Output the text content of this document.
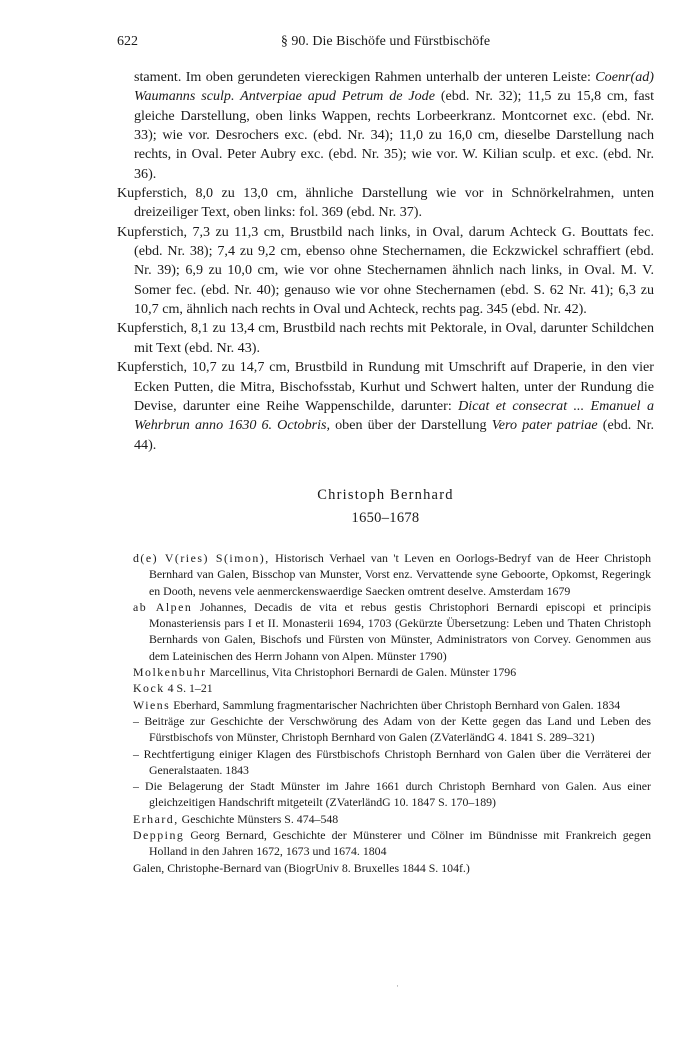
622	§ 90. Die Bischöfe und Fürstbischöfe

stament. Im oben gerundeten viereckigen Rahmen unterhalb der unteren Leiste: Coenr(ad) Waumanns sculp. Antverpiae apud Petrum de Jode (ebd. Nr. 32); 11,5 zu 15,8 cm, fast gleiche Darstellung, oben links Wappen, rechts Lorbeerkranz. Montcornet exc. (ebd. Nr. 33); wie vor. Desrochers exc. (ebd. Nr. 34); 11,0 zu 16,0 cm, dieselbe Darstellung nach rechts, in Oval. Peter Aubry exc. (ebd. Nr. 35); wie vor. W. Kilian sculp. et exc. (ebd. Nr. 36).

Kupferstich, 8,0 zu 13,0 cm, ähnliche Darstellung wie vor in Schnörkelrahmen, unten dreizeiliger Text, oben links: fol. 369 (ebd. Nr. 37).

Kupferstich, 7,3 zu 11,3 cm, Brustbild nach links, in Oval, darum Achteck G. Bouttats fec. (ebd. Nr. 38); 7,4 zu 9,2 cm, ebenso ohne Stechernamen, die Eckzwickel schraffiert (ebd. Nr. 39); 6,9 zu 10,0 cm, wie vor ohne Stechernamen ähnlich nach links, in Oval. M. V. Somer fec. (ebd. Nr. 40); genauso wie vor ohne Stechernamen (ebd. S. 62 Nr. 41); 6,3 zu 10,7 cm, ähnlich nach rechts in Oval und Achteck, rechts pag. 345 (ebd. Nr. 42).

Kupferstich, 8,1 zu 13,4 cm, Brustbild nach rechts mit Pektorale, in Oval, darunter Schildchen mit Text (ebd. Nr. 43).

Kupferstich, 10,7 zu 14,7 cm, Brustbild in Rundung mit Umschrift auf Draperie, in den vier Ecken Putten, die Mitra, Bischofsstab, Kurhut und Schwert halten, unter der Rundung die Devise, darunter eine Reihe Wappenschilde, darunter: Dicat et consecrat ... Emanuel a Wehrbrun anno 1630 6. Octobris, oben über der Darstellung Vero pater patriae (ebd. Nr. 44).

Christoph Bernhard
1650–1678

d(e) V(ries) S(imon), Historisch Verhael van 't Leven en Oorlogs-Bedryf van de Heer Christoph Bernhard van Galen, Bisschop van Munster, Vorst enz. Vervattende syne Geboorte, Opkomst, Regeringk en Dooth, nevens vele aenmerckenswaerdige Saecken omtrent deselve. Amsterdam 1679

ab Alpen Johannes, Decadis de vita et rebus gestis Christophori Bernardi episcopi et principis Monasteriensis pars I et II. Monasterii 1694, 1703 (Gekürzte Übersetzung: Leben und Thaten Christoph Bernhards von Galen, Bischofs und Fürsten von Münster, Administrators von Corvey. Genommen aus dem Lateinischen des Herrn Johann von Alpen. Münster 1790)

Molkenbuhr Marcellinus, Vita Christophori Bernardi de Galen. Münster 1796

Kock 4 S. 1–21

Wiens Eberhard, Sammlung fragmentarischer Nachrichten über Christoph Bernhard von Galen. 1834

– Beiträge zur Geschichte der Verschwörung des Adam von der Kette gegen das Land und Leben des Fürstbischofs von Münster, Christoph Bernhard von Galen (ZVaterländG 4. 1841 S. 289–321)

– Rechtfertigung einiger Klagen des Fürstbischofs Christoph Bernhard von Galen über die Verräterei der Generalstaaten. 1843

– Die Belagerung der Stadt Münster im Jahre 1661 durch Christoph Bernhard von Galen. Aus einer gleichzeitigen Handschrift mitgeteilt (ZVaterländG 10. 1847 S. 170–189)

Erhard, Geschichte Münsters S. 474–548

Depping Georg Bernard, Geschichte der Münsterer und Cölner im Bündnisse mit Frankreich gegen Holland in den Jahren 1672, 1673 und 1674. 1804

Galen, Christophe-Bernard van (BiogrUniv 8. Bruxelles 1844 S. 104f.)

·
